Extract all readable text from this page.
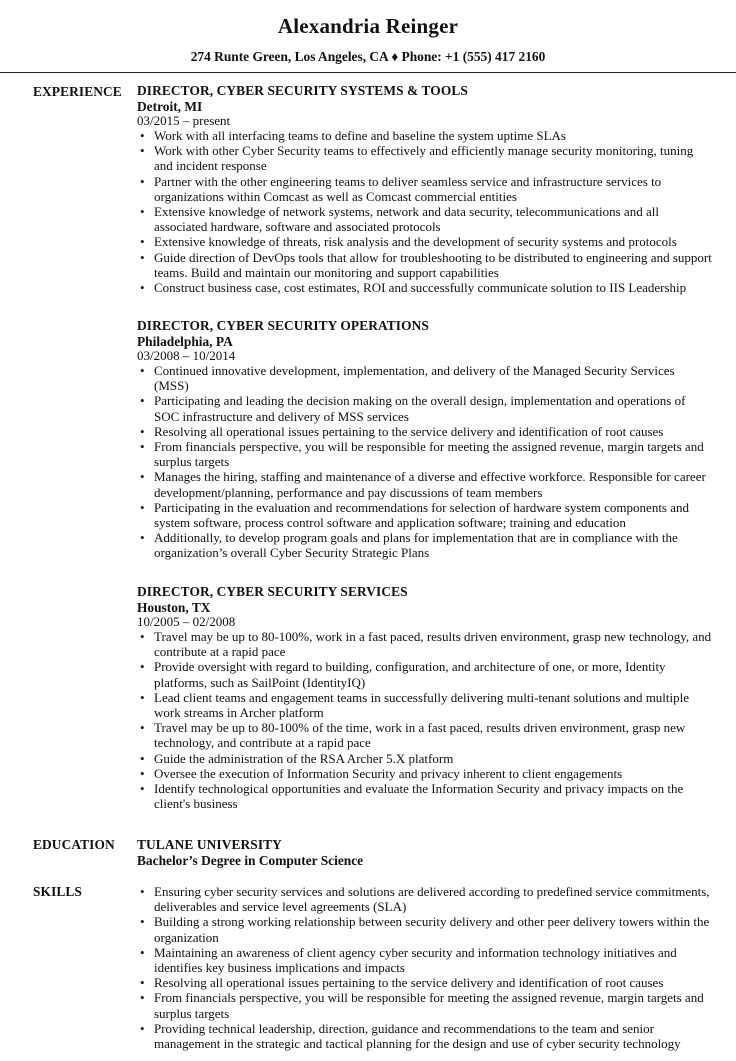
Alexandria Reinger
274 Runte Green, Los Angeles, CA ♦ Phone: +1 (555) 417 2160
EXPERIENCE DIRECTOR, CYBER SECURITY SYSTEMS & TOOLS
Detroit, MI
03/2015 – present
• Work with all interfacing teams to define and baseline the system uptime SLAs
• Work with other Cyber Security teams to effectively and efficiently manage security monitoring, tuning and incident response
• Partner with the other engineering teams to deliver seamless service and infrastructure services to organizations within Comcast as well as Comcast commercial entities
• Extensive knowledge of network systems, network and data security, telecommunications and all associated hardware, software and associated protocols
• Extensive knowledge of threats, risk analysis and the development of security systems and protocols
• Guide direction of DevOps tools that allow for troubleshooting to be distributed to engineering and support teams. Build and maintain our monitoring and support capabilities
• Construct business case, cost estimates, ROI and successfully communicate solution to IIS Leadership
DIRECTOR, CYBER SECURITY OPERATIONS
Philadelphia, PA
03/2008 – 10/2014
• Continued innovative development, implementation, and delivery of the Managed Security Services (MSS)
• Participating and leading the decision making on the overall design, implementation and operations of SOC infrastructure and delivery of MSS services
• Resolving all operational issues pertaining to the service delivery and identification of root causes
• From financials perspective, you will be responsible for meeting the assigned revenue, margin targets and surplus targets
• Manages the hiring, staffing and maintenance of a diverse and effective workforce. Responsible for career development/planning, performance and pay discussions of team members
• Participating in the evaluation and recommendations for selection of hardware system components and system software, process control software and application software; training and education
• Additionally, to develop program goals and plans for implementation that are in compliance with the organization’s overall Cyber Security Strategic Plans
DIRECTOR, CYBER SECURITY SERVICES
Houston, TX
10/2005 – 02/2008
• Travel may be up to 80-100%, work in a fast paced, results driven environment, grasp new technology, and contribute at a rapid pace
• Provide oversight with regard to building, configuration, and architecture of one, or more, Identity platforms, such as SailPoint (IdentityIQ)
• Lead client teams and engagement teams in successfully delivering multi-tenant solutions and multiple work streams in Archer platform
• Travel may be up to 80-100% of the time, work in a fast paced, results driven environment, grasp new technology, and contribute at a rapid pace
• Guide the administration of the RSA Archer 5.X platform
• Oversee the execution of Information Security and privacy inherent to client engagements
• Identify technological opportunities and evaluate the Information Security and privacy impacts on the client's business
EDUCATION TULANE UNIVERSITY
Bachelor’s Degree in Computer Science
SKILLS
•	Ensuring cyber security services and solutions are delivered according to predefined service commitments, deliverables and service level agreements (SLA)
• Building a strong working relationship between security delivery and other peer delivery towers within the organization
• Maintaining an awareness of client agency cyber security and information technology initiatives and identifies key business implications and impacts
• Resolving all operational issues pertaining to the service delivery and identification of root causes
• From financials perspective, you will be responsible for meeting the assigned revenue, margin targets and surplus targets
• Providing technical leadership, direction, guidance and recommendations to the team and senior management in the strategic and tactical planning for the design and use of cyber security technology
